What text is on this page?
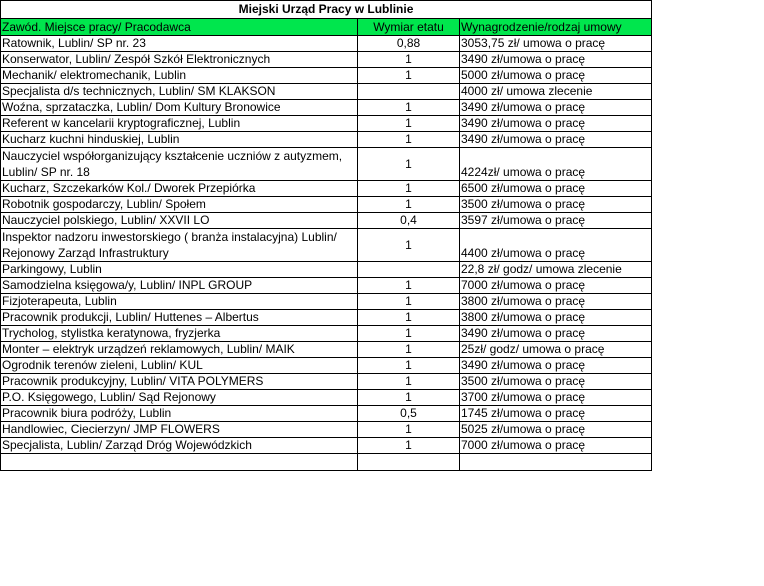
Miejski Urząd Pracy w Lublinie		
Zawód. Miejsce pracy/ Pracodawca	Wymiar etatu	Wynagrodzenie/rodzaj umowy
Ratownik, Lublin/ SP nr. 23	0,88	3053,75 zł/ umowa o pracę
Konserwator, Lublin/ Zespół Szkół Elektronicznych	1	3490 zł/umowa o pracę
Mechanik/ elektromechanik, Lublin	1	5000 zł/umowa o pracę
Specjalista d/s technicznych, Lublin/ SM KLAKSON		4000 zł/ umowa zlecenie
Woźna, sprzataczka, Lublin/ Dom Kultury Bronowice	1	3490 zł/umowa o pracę
Referent w kancelarii kryptograficznej, Lublin	1	3490 zł/umowa o pracę
Kucharz kuchni hinduskiej, Lublin	1	3490 zł/umowa o pracę
Nauczyciel współorganizujący kształcenie uczniów z autyzmem, Lublin/ SP nr. 18	1	4224zł/ umowa o pracę
Kucharz, Szczekarków Kol./ Dworek Przepiórka	1	6500 zł/umowa o pracę
Robotnik gospodarczy, Lublin/ Społem	1	3500 zł/umowa o pracę
Nauczyciel polskiego, Lublin/ XXVII LO	0,4	3597 zł/umowa o pracę
Inspektor nadzoru inwestorskiego ( branża instalacyjna) Lublin/ Rejonowy Zarząd Infrastruktury	1	4400 zł/umowa o pracę
Parkingowy, Lublin		22,8 zł/ godz/ umowa zlecenie
Samodzielna księgowa/y, Lublin/ INPL GROUP	1	7000 zł/umowa o pracę
Fizjoterapeuta, Lublin	1	3800 zł/umowa o pracę
Pracownik produkcji, Lublin/ Huttenes – Albertus	1	3800 zł/umowa o pracę
Trycholog, stylistka keratynowa, fryzjerka	1	3490 zł/umowa o pracę
Monter – elektryk urządzeń reklamowych, Lublin/ MAIK	1	25zł/ godz/ umowa o pracę
Ogrodnik terenów zieleni, Lublin/ KUL	1	3490 zł/umowa o pracę
Pracownik produkcyjny, Lublin/ VITA POLYMERS	1	3500 zł/umowa o pracę
P.O. Księgowego, Lublin/ Sąd Rejonowy	1	3700 zł/umowa o pracę
Pracownik biura podróży, Lublin	0,5	1745 zł/umowa o pracę
Handlowiec, Ciecierzyn/ JMP FLOWERS	1	5025 zł/umowa o pracę
Specjalista, Lublin/ Zarząd Dróg Wojewódzkich	1	7000 zł/umowa o pracę
